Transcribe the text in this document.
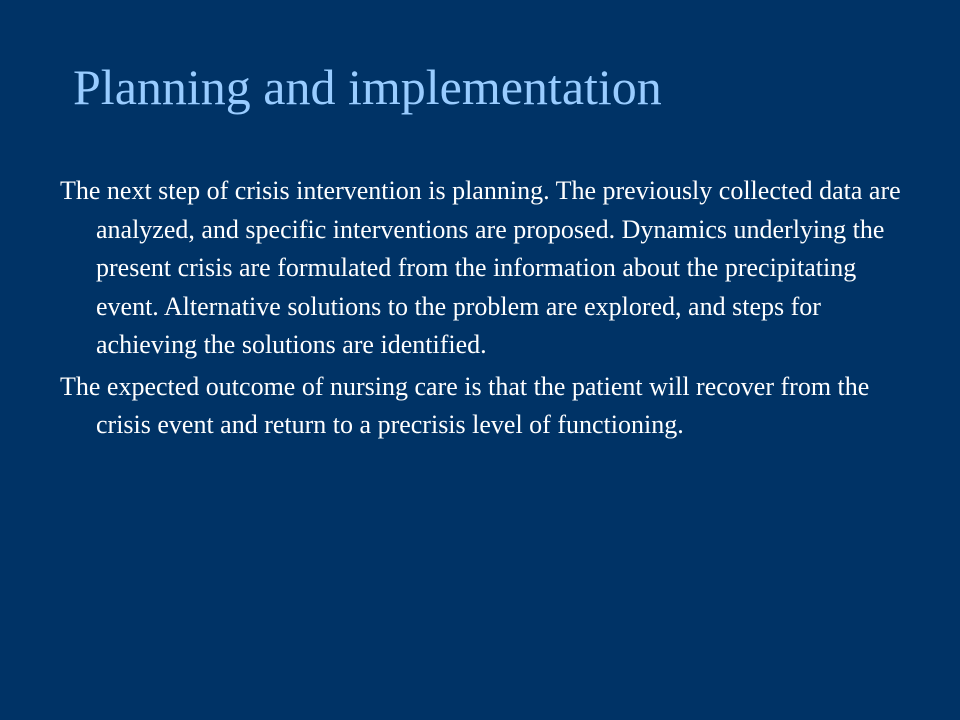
Planning and implementation

The next step of crisis intervention is planning. The previously collected data are analyzed, and specific interventions are proposed. Dynamics underlying the present crisis are formulated from the information about the precipitating event. Alternative solutions to the problem are explored, and steps for achieving the solutions are identified.

The expected outcome of nursing care is that the patient will recover from the crisis event and return to a precrisis level of functioning.
